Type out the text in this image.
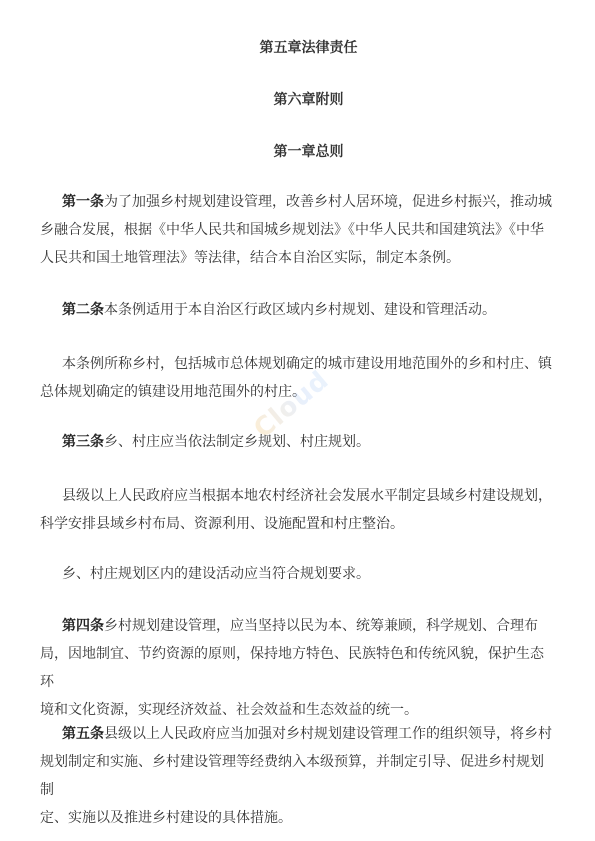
第五章法律责任
第六章附则
第一章总则
第一条为了加强乡村规划建设管理，改善乡村人居环境，促进乡村振兴，推动城
乡融合发展，根据《中华人民共和国城乡规划法》《中华人民共和国建筑法》《中华
人民共和国土地管理法》等法律，结合本自治区实际，制定本条例。
第二条本条例适用于本自治区行政区域内乡村规划、建设和管理活动。
本条例所称乡村，包括城市总体规划确定的城市建设用地范围外的乡和村庄、镇
总体规划确定的镇建设用地范围外的村庄。
第三条乡、村庄应当依法制定乡规划、村庄规划。
县级以上人民政府应当根据本地农村经济社会发展水平制定县域乡村建设规划，
科学安排县域乡村布局、资源利用、设施配置和村庄整治。
乡、村庄规划区内的建设活动应当符合规划要求。
第四条乡村规划建设管理，应当坚持以民为本、统筹兼顾，科学规划、合理布
局，因地制宜、节约资源的原则，保持地方特色、民族特色和传统风貌，保护生态环
境和文化资源，实现经济效益、社会效益和生态效益的统一。
第五条县级以上人民政府应当加强对乡村规划建设管理工作的组织领导，将乡村
规划制定和实施、乡村建设管理等经费纳入本级预算，并制定引导、促进乡村规划制
定、实施以及推进乡村建设的具体措施。
Cloud
